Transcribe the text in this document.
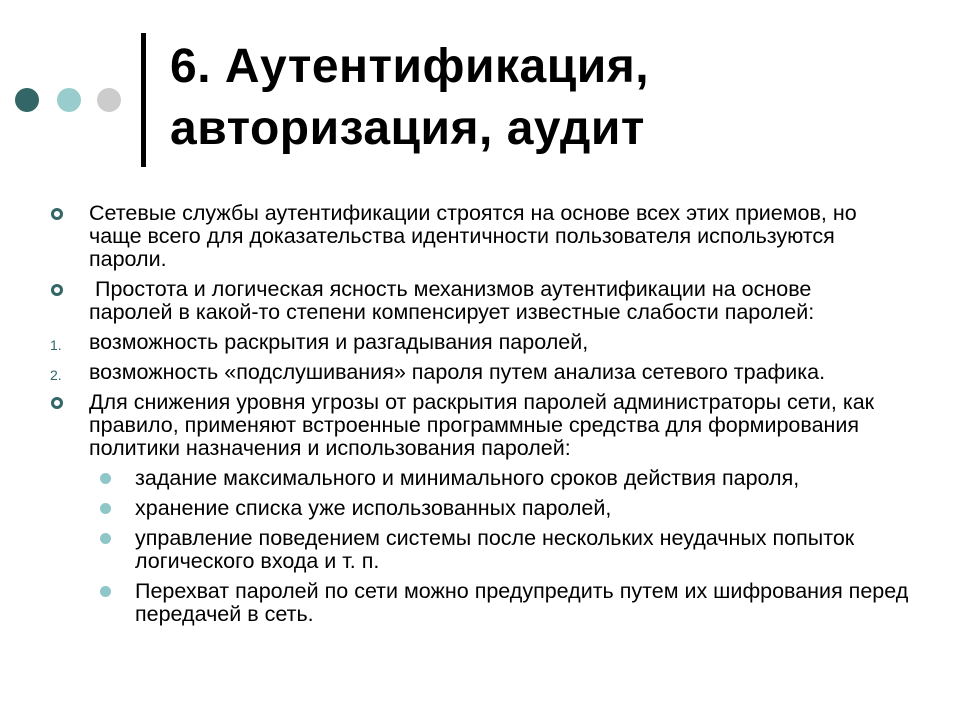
6. Аутентификация,
авторизация, аудит
Сетевые службы аутентификации строятся на основе всех этих приемов, но чаще всего для доказательства идентичности пользователя используются пароли.
Простота и логическая ясность механизмов аутентификации на основе паролей в какой-то степени компенсирует известные слабости паролей:
1. возможность раскрытия и разгадывания паролей,
2. возможность «подслушивания» пароля путем анализа сетевого трафика.
Для снижения уровня угрозы от раскрытия паролей администраторы сети, как правило, применяют встроенные программные средства для формирования политики назначения и использования паролей:
задание максимального и минимального сроков действия пароля,
хранение списка уже использованных паролей,
управление поведением системы после нескольких неудачных попыток логического входа и т. п.
Перехват паролей по сети можно предупредить путем их шифрования перед передачей в сеть.
